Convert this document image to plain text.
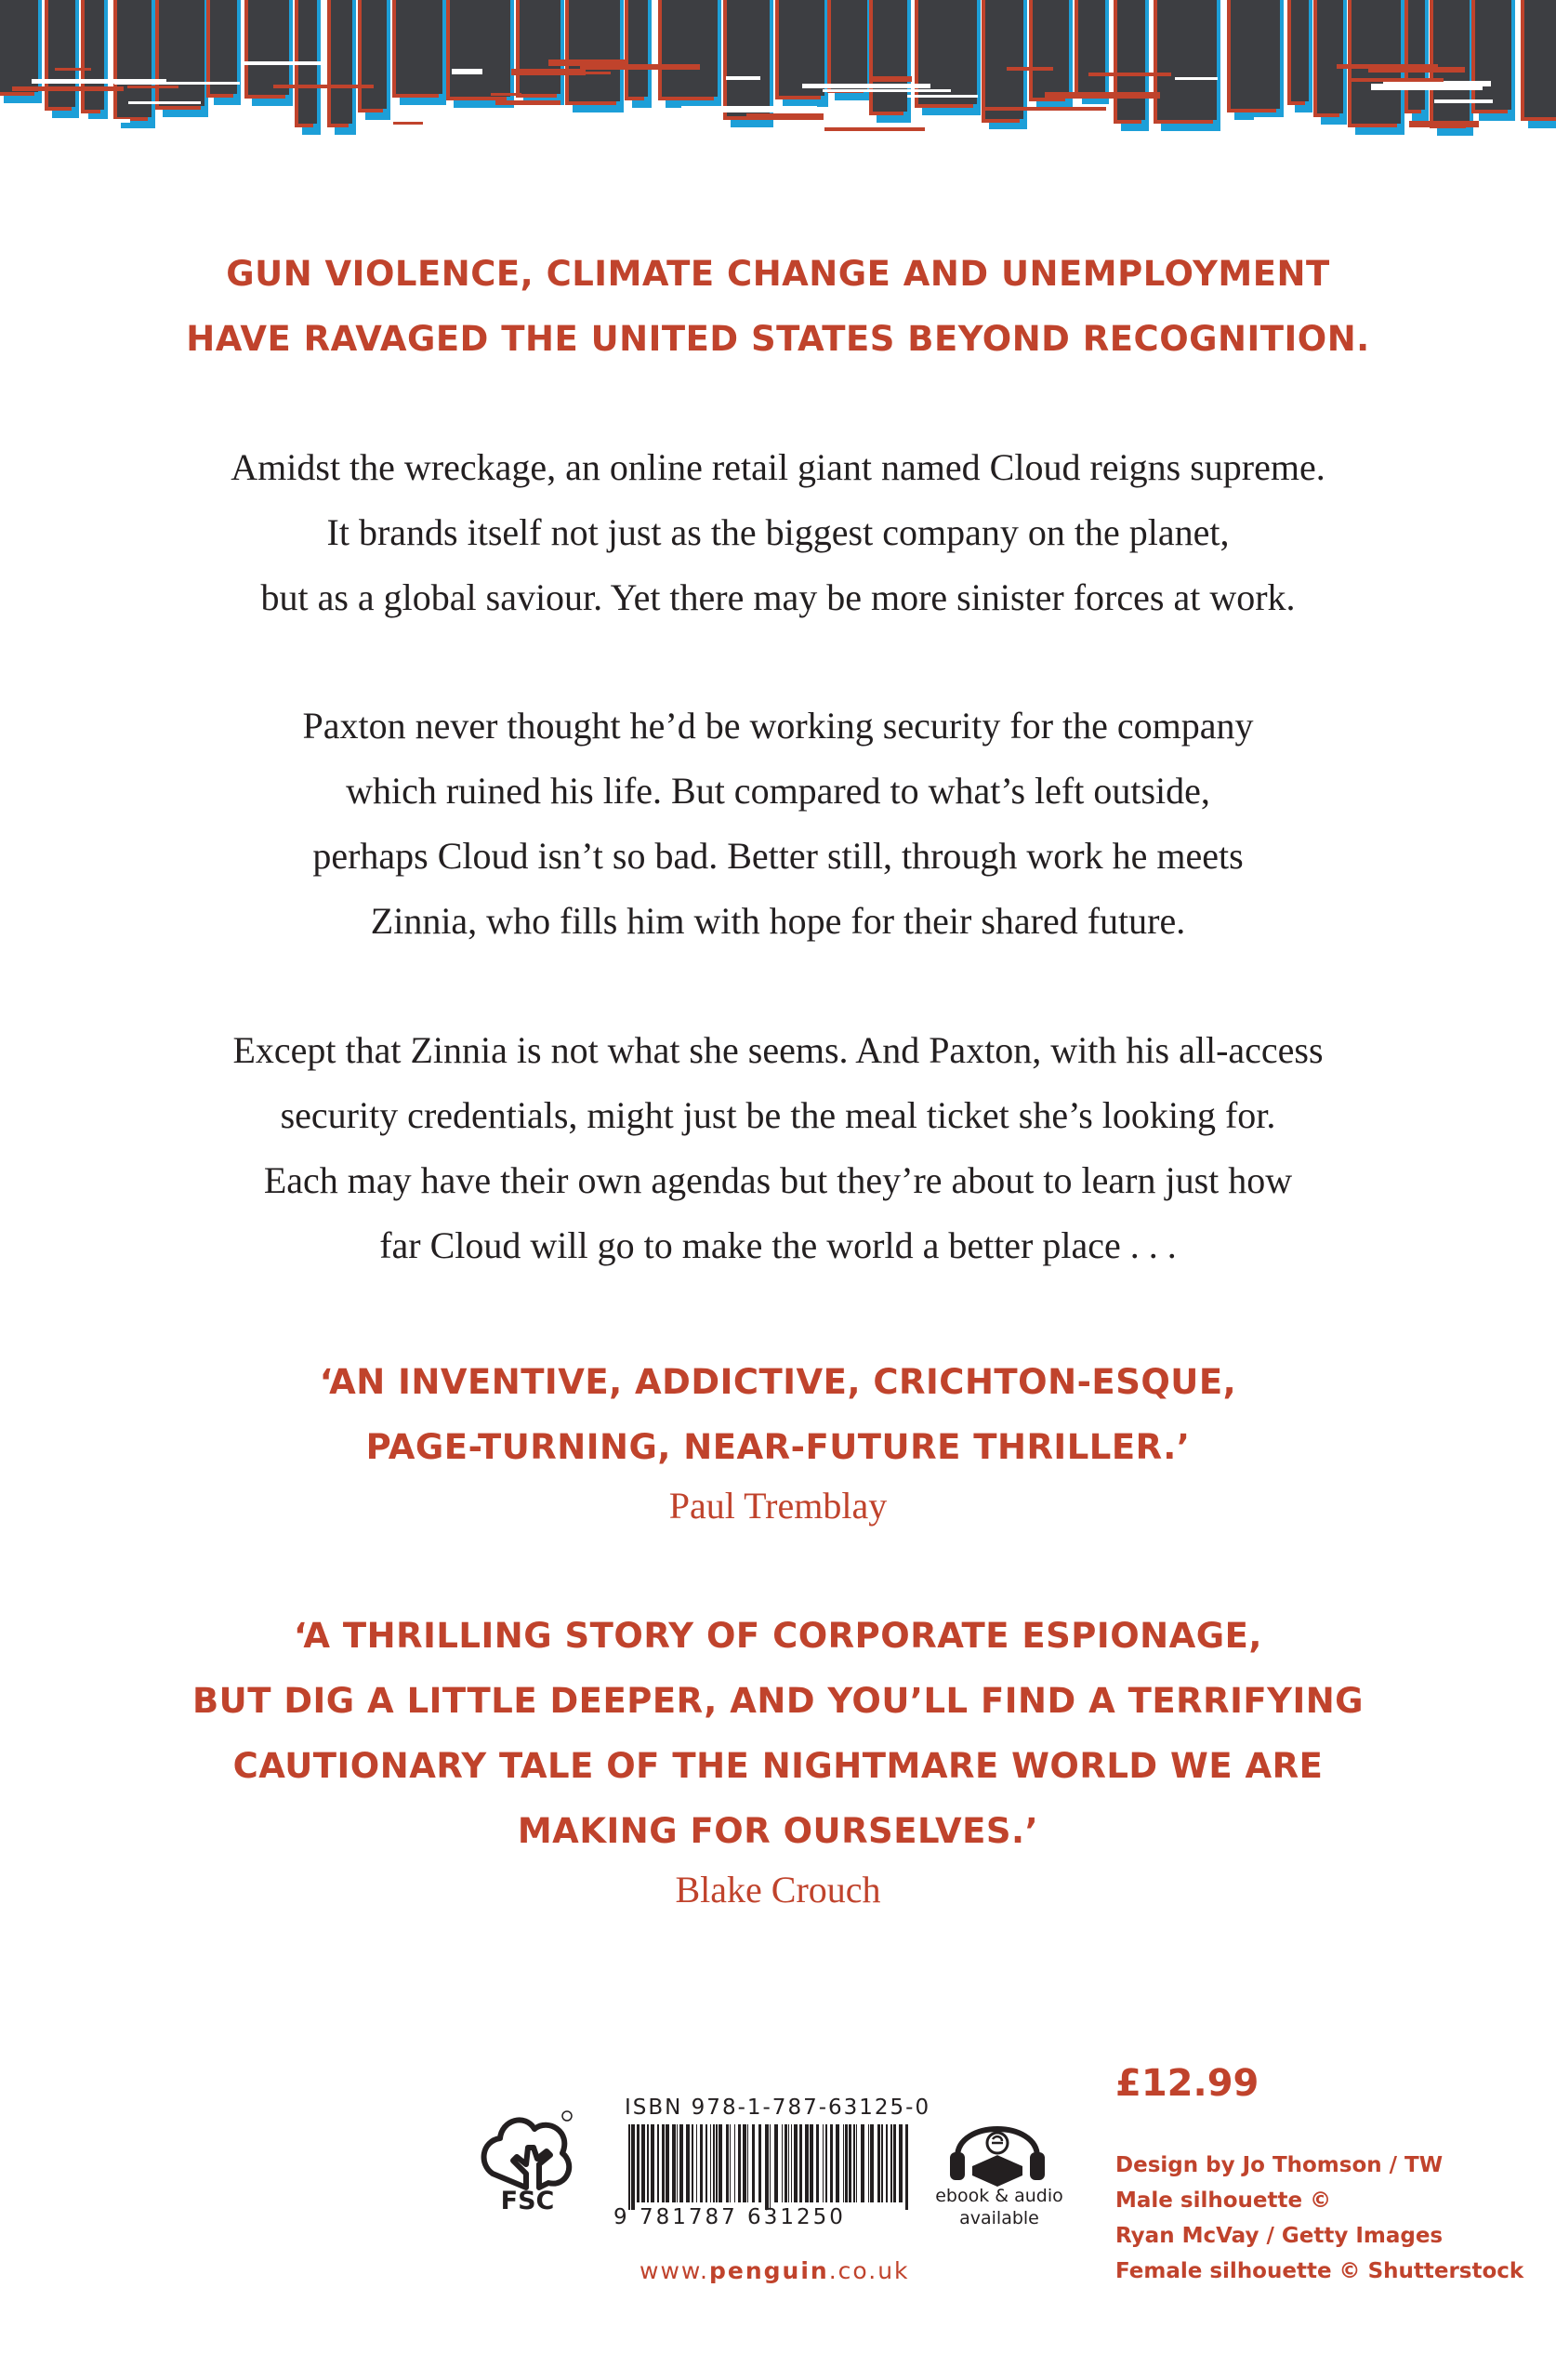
GUN VIOLENCE, CLIMATE CHANGE AND UNEMPLOYMENT
HAVE RAVAGED THE UNITED STATES BEYOND RECOGNITION.
Amidst the wreckage, an online retail giant named Cloud reigns supreme.
It brands itself not just as the biggest company on the planet,
but as a global saviour. Yet there may be more sinister forces at work.
Paxton never thought he’d be working security for the company
which ruined his life. But compared to what’s left outside,
perhaps Cloud isn’t so bad. Better still, through work he meets
Zinnia, who fills him with hope for their shared future.
Except that Zinnia is not what she seems. And Paxton, with his all-access
security credentials, might just be the meal ticket she’s looking for.
Each may have their own agendas but they’re about to learn just how
far Cloud will go to make the world a better place . . .
‘AN INVENTIVE, ADDICTIVE, CRICHTON-ESQUE,
PAGE-TURNING, NEAR-FUTURE THRILLER.’
Paul Tremblay
‘A THRILLING STORY OF CORPORATE ESPIONAGE,
BUT DIG A LITTLE DEEPER, AND YOU’LL FIND A TERRIFYING
CAUTIONARY TALE OF THE NIGHTMARE WORLD WE ARE
MAKING FOR OURSELVES.’
Blake Crouch
FSC
ISBN 978-1-787-63125-0
9 781787 631250
www.penguin.co.uk
ebook & audio
available
£12.99
Design by Jo Thomson / TW
Male silhouette ©
Ryan McVay / Getty Images
Female silhouette © Shutterstock
